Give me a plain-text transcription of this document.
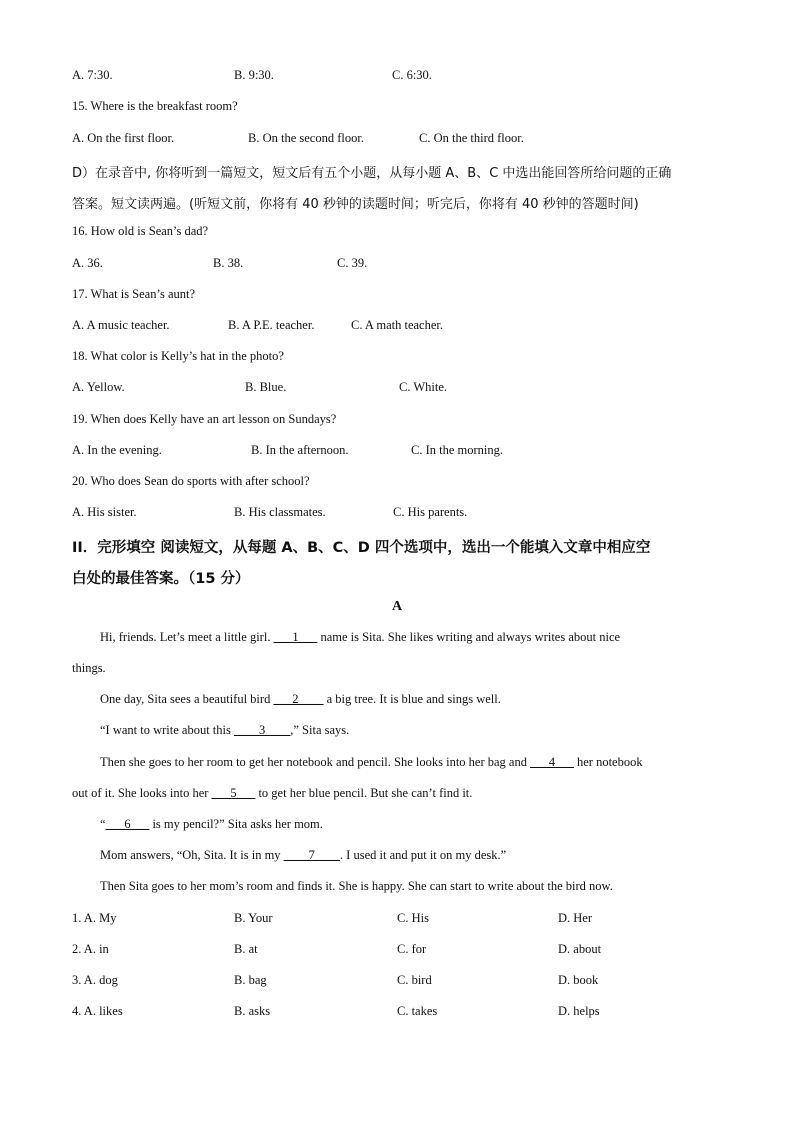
A. 7:30.	B. 9:30.	C. 6:30.
15. Where is the breakfast room?
A. On the first floor.	B. On the second floor.	C. On the third floor.
D）在录音中, 你将听到一篇短文，短文后有五个小题，从每小题 A、B、C 中选出能回答所给问题的正确
答案。短文读两遍。(听短文前，你将有 40 秒钟的读题时间；听完后，你将有 40 秒钟的答题时间)
16. How old is Sean’s dad?
A. 36.	B. 38.	C. 39.
17. What is Sean’s aunt?
A. A music teacher.	B. A P.E. teacher.	C. A math teacher.
18. What color is Kelly’s hat in the photo?
A. Yellow.	B. Blue.	C. White.
19. When does Kelly have an art lesson on Sundays?
A. In the evening.	B. In the afternoon.	C. In the morning.
20. Who does Sean do sports with after school?
A. His sister.	B. His classmates.	C. His parents.
II．完形填空 阅读短文，从每题 A、B、C、D 四个选项中，选出一个能填入文章中相应空
白处的最佳答案。（15 分）
A
Hi, friends. Let’s meet a little girl. ___1___ name is Sita. She likes writing and always writes about nice
things.
One day, Sita sees a beautiful bird ___2____ a big tree. It is blue and sings well.
“I want to write about this ____3____,” Sita says.
Then she goes to her room to get her notebook and pencil. She looks into her bag and ___4___ her notebook
out of it. She looks into her ___5___ to get her blue pencil. But she can’t find it.
“___6___ is my pencil?” Sita asks her mom.
Mom answers, “Oh, Sita. It is in my ____7____. I used it and put it on my desk.”
Then Sita goes to her mom’s room and finds it. She is happy. She can start to write about the bird now.
1. A. My	B. Your	C. His	D. Her
2. A. in	B. at	C. for	D. about
3. A. dog	B. bag	C. bird	D. book
4. A. likes	B. asks	C. takes	D. helps
